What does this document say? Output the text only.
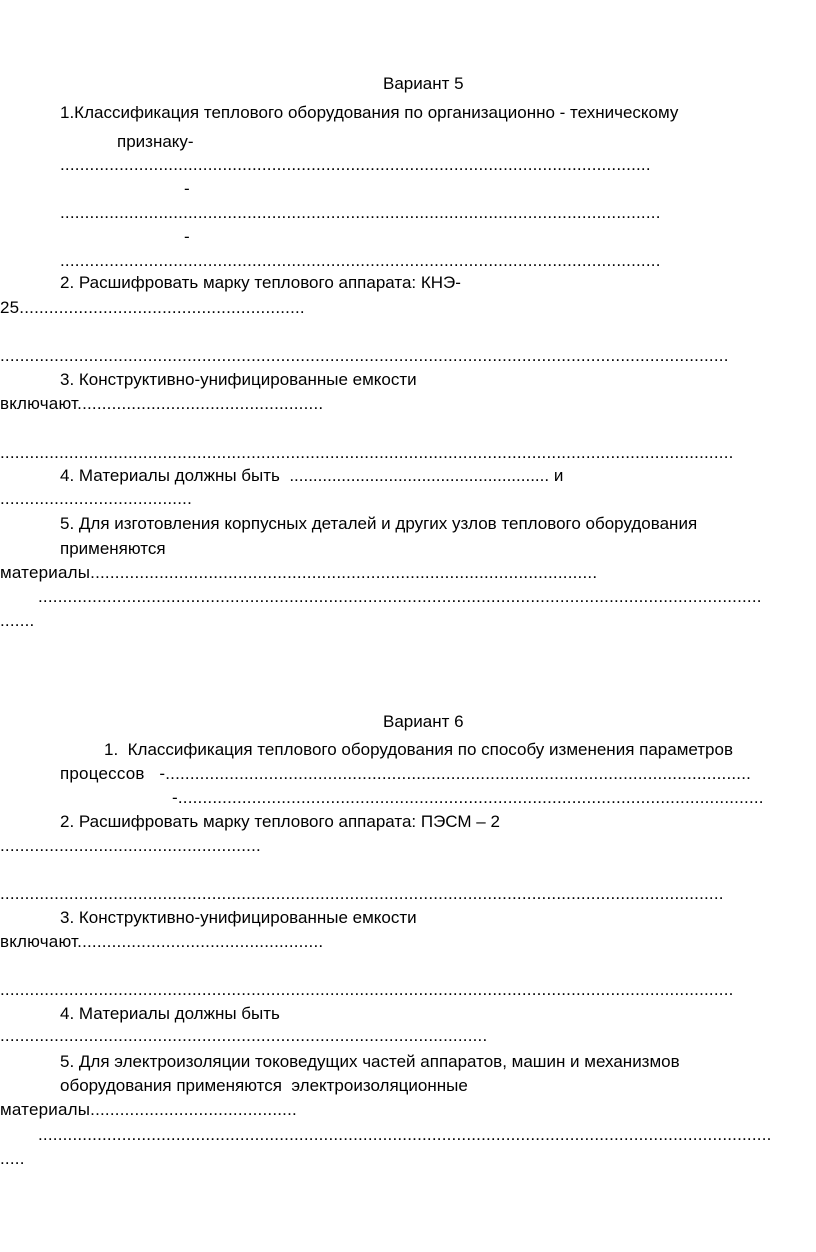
Вариант 5
1.Классификация теплового оборудования по организационно - техническому
признаку-
........................................................................................................................
-
..........................................................................................................................
-
..........................................................................................................................
2. Расшифровать марку теплового аппарата: КНЭ-
25..........................................................
....................................................................................................................................................
3. Конструктивно-унифицированные емкости
включают..................................................
.....................................................................................................................................................
4. Материалы должны быть  ....................................................... и
.......................................
5. Для изготовления корпусных деталей и других узлов теплового оборудования
применяются
материалы.......................................................................................................
...................................................................................................................................................
.......
Вариант 6
1.  Классификация теплового оборудования по способу изменения параметров
процессов   -.......................................................................................................................
-.......................................................................................................................
2. Расшифровать марку теплового аппарата: ПЭСМ – 2
.....................................................
...................................................................................................................................................
3. Конструктивно-унифицированные емкости
включают..................................................
.....................................................................................................................................................
4. Материалы должны быть
...................................................................................................
5. Для электроизоляции токоведущих частей аппаратов, машин и механизмов
оборудования применяются  электроизоляционные
материалы..........................................
.....................................................................................................................................................
.....
